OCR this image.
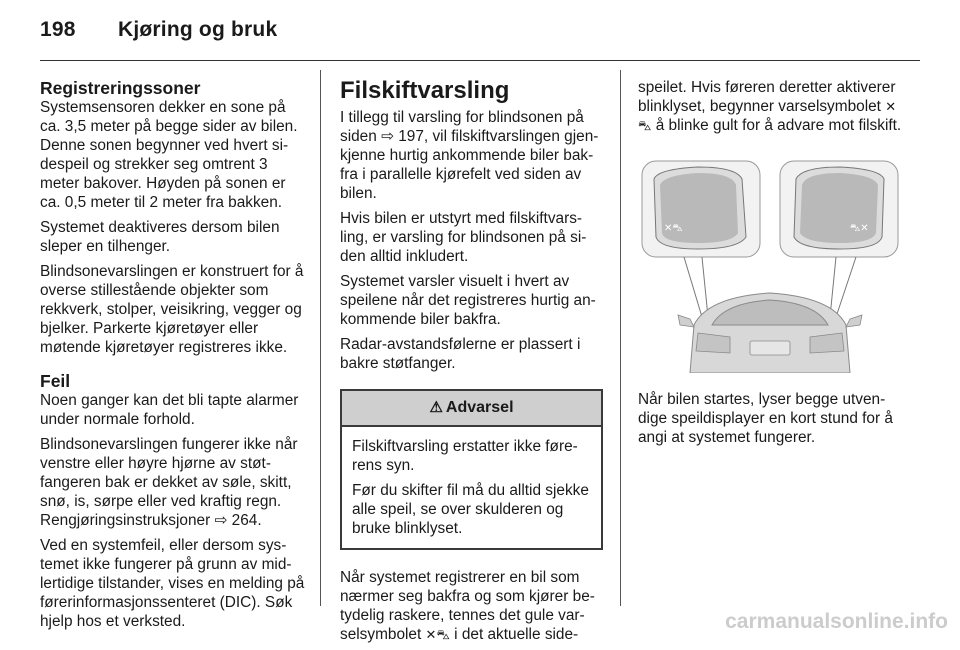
198 Kjøring og bruk
Registreringssoner

Systemsensoren dekker en sone på ca. 3,5 meter på begge sider av bilen. Denne sonen begynner ved hvert sidespeil og strekker seg omtrent 3 meter bakover. Høyden på sonen er ca. 0,5 meter til 2 meter fra bakken.

Systemet deaktiveres dersom bilen sleper en tilhenger.

Blindsonevarslingen er konstruert for å overse stillestående objekter som rekkverk, stolper, veisikring, vegger og bjelker. Parkerte kjøretøyer eller møtende kjøretøyer registreres ikke.

Feil

Noen ganger kan det bli tapte alarmer under normale forhold.

Blindsonevarslingen fungerer ikke når venstre eller høyre hjørne av støtfangeren bak er dekket av søle, skitt, snø, is, sørpe eller ved kraftig regn. Rengjøringsinstruksjoner ⇨ 264.

Ved en systemfeil, eller dersom systemet ikke fungerer på grunn av midlertidige tilstander, vises en melding på førerinformasjonssenteret (DIC). Søk hjelp hos et verksted.

Filskiftvarsling

I tillegg til varsling for blindsonen på siden ⇨ 197, vil filskiftvarslingen gjenkjenne hurtig ankommende biler bakfra i parallelle kjørefelt ved siden av bilen.

Hvis bilen er utstyrt med filskiftvarsling, er varsling for blindsonen på siden alltid inkludert.

Systemet varsler visuelt i hvert av speilene når det registreres hurtig ankommende biler bakfra.

Radar-avstandsfølerne er plassert i bakre støtfanger.

⚠ Advarsel

Filskiftvarsling erstatter ikke førerens syn.

Før du skifter fil må du alltid sjekke alle speil, se over skulderen og bruke blinklyset.

Når systemet registrerer en bil som nærmer seg bakfra og som kjører betydelig raskere, tennes det gule varselsymbolet ✕⛍ i det aktuelle side-

speilet. Hvis føreren deretter aktiverer blinklyset, begynner varselsymbolet ✕⛍ å blinke gult for å advare mot filskift.

✕⛍	⛍✕

Når bilen startes, lyser begge utvendige speildisplayer en kort stund for å angi at systemet fungerer.

carmanualsonline.info
